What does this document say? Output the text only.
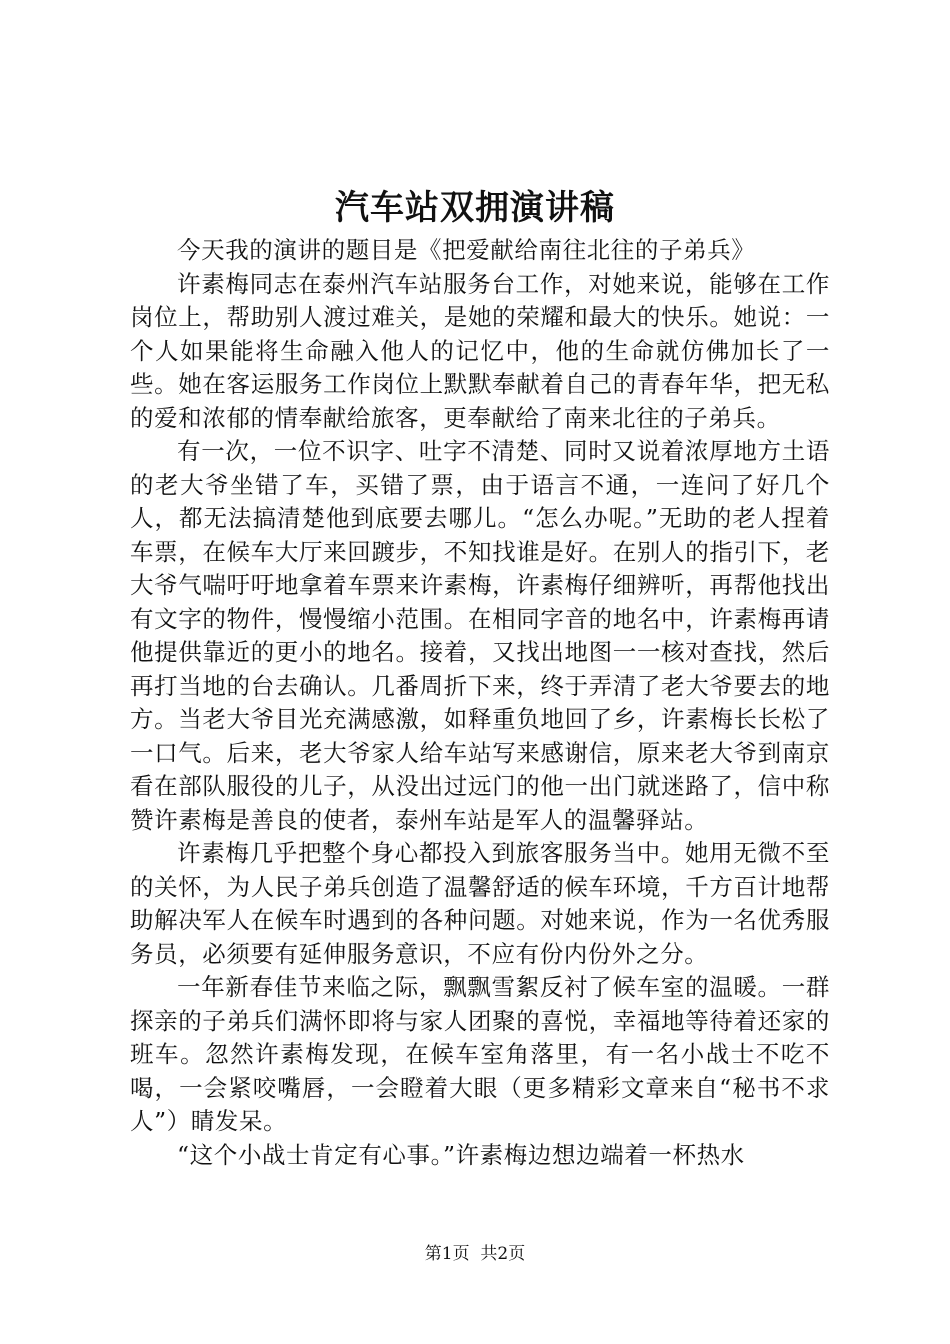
汽车站双拥演讲稿

今天我的演讲的题目是《把爱献给南往北往的子弟兵》

许素梅同志在泰州汽车站服务台工作，对她来说，能够在工作岗位上，帮助别人渡过难关，是她的荣耀和最大的快乐。她说：一个人如果能将生命融入他人的记忆中，他的生命就仿佛加长了一些。她在客运服务工作岗位上默默奉献着自己的青春年华，把无私的爱和浓郁的情奉献给旅客，更奉献给了南来北往的子弟兵。

有一次，一位不识字、吐字不清楚、同时又说着浓厚地方土语的老大爷坐错了车，买错了票，由于语言不通，一连问了好几个人，都无法搞清楚他到底要去哪儿。“怎么办呢。”无助的老人捏着车票，在候车大厅来回踱步，不知找谁是好。在别人的指引下，老大爷气喘吁吁地拿着车票来许素梅，许素梅仔细辨听，再帮他找出有文字的物件，慢慢缩小范围。在相同字音的地名中，许素梅再请他提供靠近的更小的地名。接着，又找出地图一一核对查找，然后再打当地的台去确认。几番周折下来，终于弄清了老大爷要去的地方。当老大爷目光充满感激，如释重负地回了乡，许素梅长长松了一口气。后来，老大爷家人给车站写来感谢信，原来老大爷到南京看在部队服役的儿子，从没出过远门的他一出门就迷路了，信中称赞许素梅是善良的使者，泰州车站是军人的温馨驿站。

许素梅几乎把整个身心都投入到旅客服务当中。她用无微不至的关怀，为人民子弟兵创造了温馨舒适的候车环境，千方百计地帮助解决军人在候车时遇到的各种问题。对她来说，作为一名优秀服务员，必须要有延伸服务意识，不应有份内份外之分。

一年新春佳节来临之际，飘飘雪絮反衬了候车室的温暖。一群探亲的子弟兵们满怀即将与家人团聚的喜悦，幸福地等待着还家的班车。忽然许素梅发现，在候车室角落里，有一名小战士不吃不喝，一会紧咬嘴唇，一会瞪着大眼（更多精彩文章来自“秘书不求人”）睛发呆。

“这个小战士肯定有心事。”许素梅边想边端着一杯热水

第1页  共2页
